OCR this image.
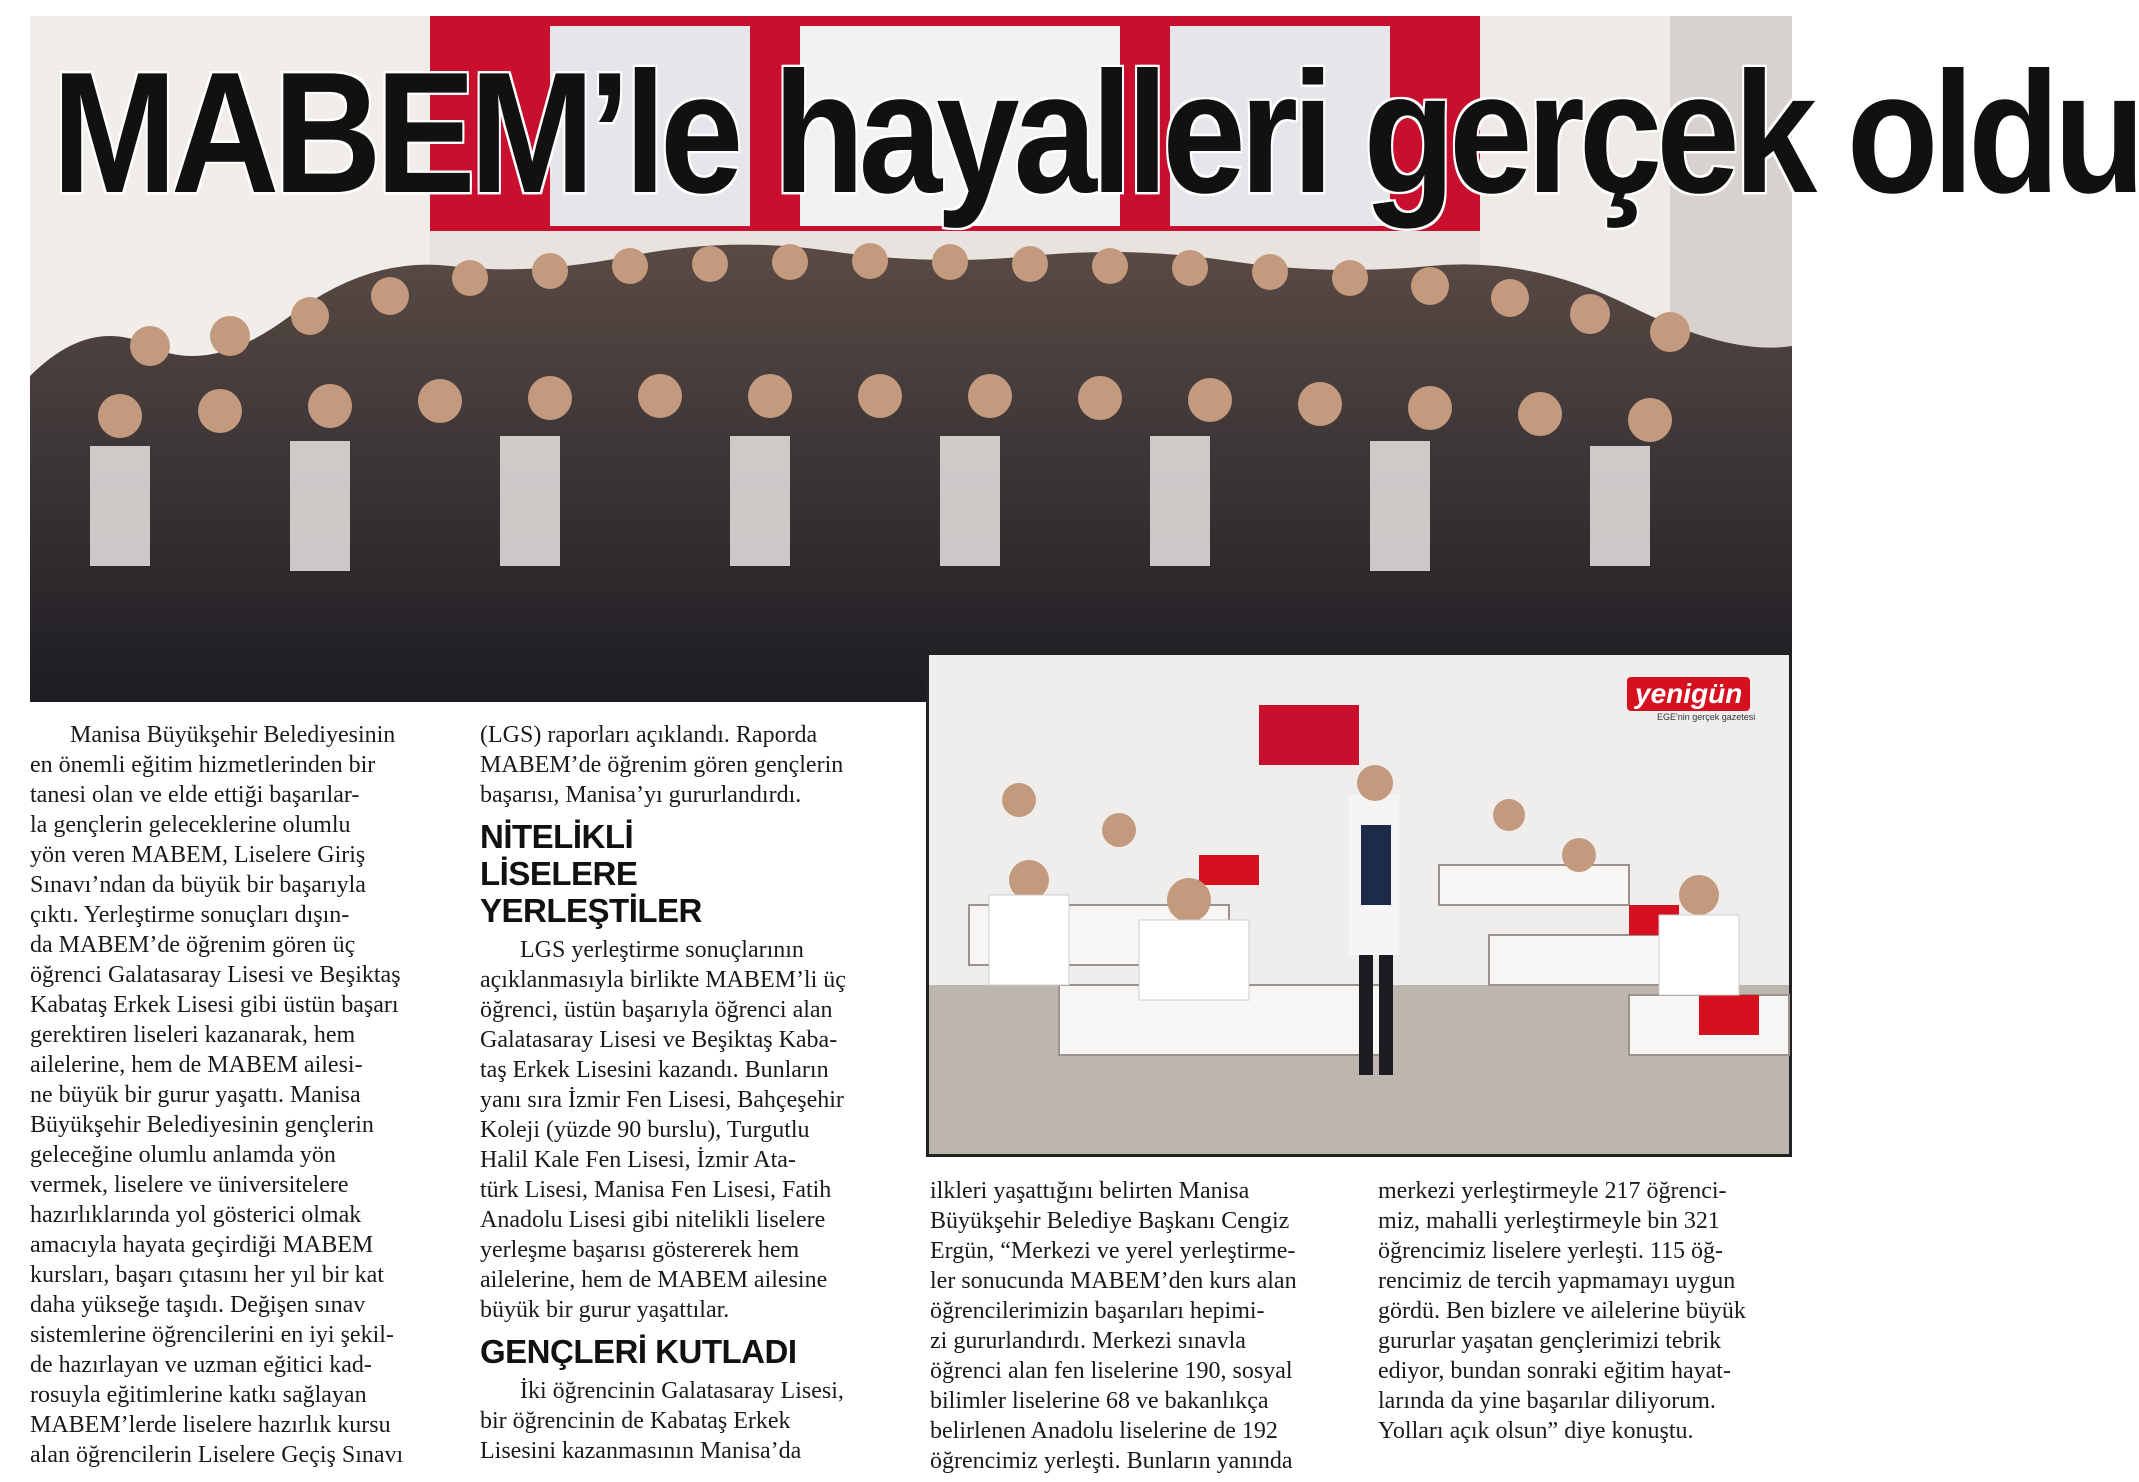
MABEM’le hayalleri gerçek oldu
yenigün
EGE'nin gerçek gazetesi
Manisa Büyükşehir Belediyesinin
en önemli eğitim hizmetlerinden bir
tanesi olan ve elde ettiği başarılar-
la gençlerin geleceklerine olumlu
yön veren MABEM, Liselere Giriş
Sınavı’ndan da büyük bir başarıyla
çıktı. Yerleştirme sonuçları dışın-
da MABEM’de öğrenim gören üç
öğrenci Galatasaray Lisesi ve Beşiktaş
Kabataş Erkek Lisesi gibi üstün başarı
gerektiren liseleri kazanarak, hem
ailelerine, hem de MABEM ailesi-
ne büyük bir gurur yaşattı. Manisa
Büyükşehir Belediyesinin gençlerin
geleceğine olumlu anlamda yön
vermek, liselere ve üniversitelere
hazırlıklarında yol gösterici olmak
amacıyla hayata geçirdiği MABEM
kursları, başarı çıtasını her yıl bir kat
daha yükseğe taşıdı. Değişen sınav
sistemlerine öğrencilerini en iyi şekil-
de hazırlayan ve uzman eğitici kad-
rosuyla eğitimlerine katkı sağlayan
MABEM’lerde liselere hazırlık kursu
alan öğrencilerin Liselere Geçiş Sınavı
(LGS) raporları açıklandı. Raporda
MABEM’de öğrenim gören gençlerin
başarısı, Manisa’yı gururlandırdı.
NİTELİKLİ
LİSELERE
YERLEŞTİLER
LGS yerleştirme sonuçlarının
açıklanmasıyla birlikte MABEM’li üç
öğrenci, üstün başarıyla öğrenci alan
Galatasaray Lisesi ve Beşiktaş Kaba-
taş Erkek Lisesini kazandı. Bunların
yanı sıra İzmir Fen Lisesi, Bahçeşehir
Koleji (yüzde 90 burslu), Turgutlu
Halil Kale Fen Lisesi, İzmir Ata-
türk Lisesi, Manisa Fen Lisesi, Fatih
Anadolu Lisesi gibi nitelikli liselere
yerleşme başarısı göstererek hem
ailelerine, hem de MABEM ailesine
büyük bir gurur yaşattılar.
GENÇLERİ KUTLADI
İki öğrencinin Galatasaray Lisesi,
bir öğrencinin de Kabataş Erkek
Lisesini kazanmasının Manisa’da
ilkleri yaşattığını belirten Manisa
Büyükşehir Belediye Başkanı Cengiz
Ergün, “Merkezi ve yerel yerleştirme-
ler sonucunda MABEM’den kurs alan
öğrencilerimizin başarıları hepimi-
zi gururlandırdı. Merkezi sınavla
öğrenci alan fen liselerine 190, sosyal
bilimler liselerine 68 ve bakanlıkça
belirlenen Anadolu liselerine de 192
öğrencimiz yerleşti. Bunların yanında
merkezi yerleştirmeyle 217 öğrenci-
miz, mahalli yerleştirmeyle bin 321
öğrencimiz liselere yerleşti. 115 öğ-
rencimiz de tercih yapmamayı uygun
gördü. Ben bizlere ve ailelerine büyük
gururlar yaşatan gençlerimizi tebrik
ediyor, bundan sonraki eğitim hayat-
larında da yine başarılar diliyorum.
Yolları açık olsun” diye konuştu.
